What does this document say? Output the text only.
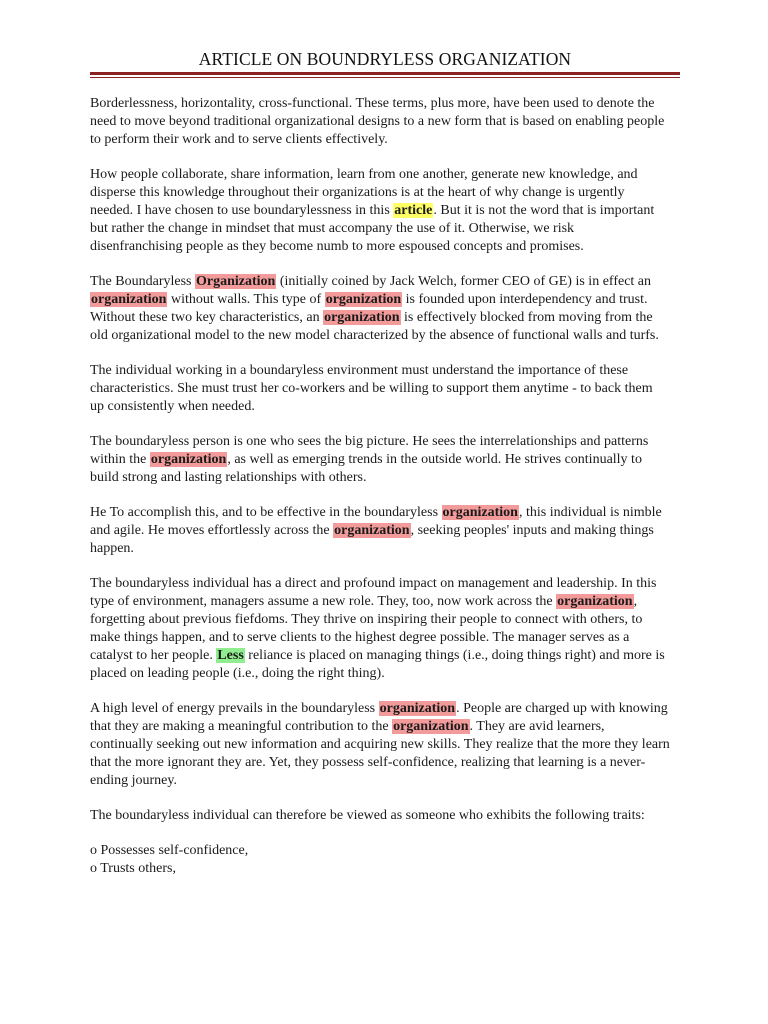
ARTICLE ON BOUNDRYLESS ORGANIZATION

Borderlessness, horizontality, cross-functional. These terms, plus more, have been used to denote the need to move beyond traditional organizational designs to a new form that is based on enabling people to perform their work and to serve clients effectively.

How people collaborate, share information, learn from one another, generate new knowledge, and disperse this knowledge throughout their organizations is at the heart of why change is urgently needed. I have chosen to use boundarylessness in this article. But it is not the word that is important but rather the change in mindset that must accompany the use of it. Otherwise, we risk disenfranchising people as they become numb to more espoused concepts and promises.

The Boundaryless Organization (initially coined by Jack Welch, former CEO of GE) is in effect an organization without walls. This type of organization is founded upon interdependency and trust. Without these two key characteristics, an organization is effectively blocked from moving from the old organizational model to the new model characterized by the absence of functional walls and turfs.

The individual working in a boundaryless environment must understand the importance of these characteristics. She must trust her co-workers and be willing to support them anytime - to back them up consistently when needed.

The boundaryless person is one who sees the big picture. He sees the interrelationships and patterns within the organization, as well as emerging trends in the outside world. He strives continually to build strong and lasting relationships with others.

He To accomplish this, and to be effective in the boundaryless organization, this individual is nimble and agile. He moves effortlessly across the organization, seeking peoples' inputs and making things happen.

The boundaryless individual has a direct and profound impact on management and leadership. In this type of environment, managers assume a new role. They, too, now work across the organization, forgetting about previous fiefdoms. They thrive on inspiring their people to connect with others, to make things happen, and to serve clients to the highest degree possible. The manager serves as a catalyst to her people. Less reliance is placed on managing things (i.e., doing things right) and more is placed on leading people (i.e., doing the right thing).

A high level of energy prevails in the boundaryless organization. People are charged up with knowing that they are making a meaningful contribution to the organization. They are avid learners, continually seeking out new information and acquiring new skills. They realize that the more they learn that the more ignorant they are. Yet, they possess self-confidence, realizing that learning is a never-ending journey.

The boundaryless individual can therefore be viewed as someone who exhibits the following traits:

o Possesses self-confidence,

o Trusts others,
